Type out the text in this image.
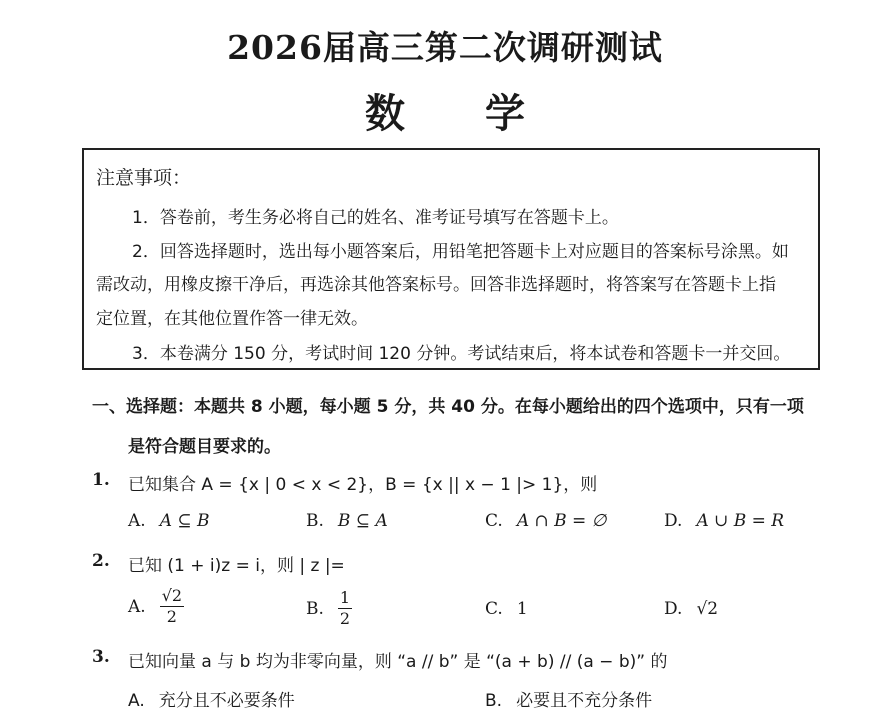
2026届高三第二次调研测试
数 学
注意事项：
1．答卷前，考生务必将自己的姓名、准考证号填写在答题卡上。
2．回答选择题时，选出每小题答案后，用铅笔把答题卡上对应题目的答案标号涂黑。如
需改动，用橡皮擦干净后，再选涂其他答案标号。回答非选择题时，将答案写在答题卡上指
定位置，在其他位置作答一律无效。
3．本卷满分 150 分，考试时间 120 分钟。考试结束后，将本试卷和答题卡一并交回。
一、选择题：本题共 8 小题，每小题 5 分，共 40 分。在每小题给出的四个选项中，只有一项
是符合题目要求的。
1. 已知集合 A = {x | 0 < x < 2}，B = {x || x − 1 |> 1}，则
A. A ⊆ B	B. B ⊆ A	C. A ∩ B = ∅	D. A ∪ B = R
2. 已知 (1 + i)z = i，则 | z |=
A. $\frac{√2}{2}$	B. $\frac{1}{2}$	C. 1	D. √2
3. 已知向量 a 与 b 均为非零向量，则 “a // b” 是 “(a + b) // (a − b)” 的
A. 充分且不必要条件	B. 必要且不充分条件
